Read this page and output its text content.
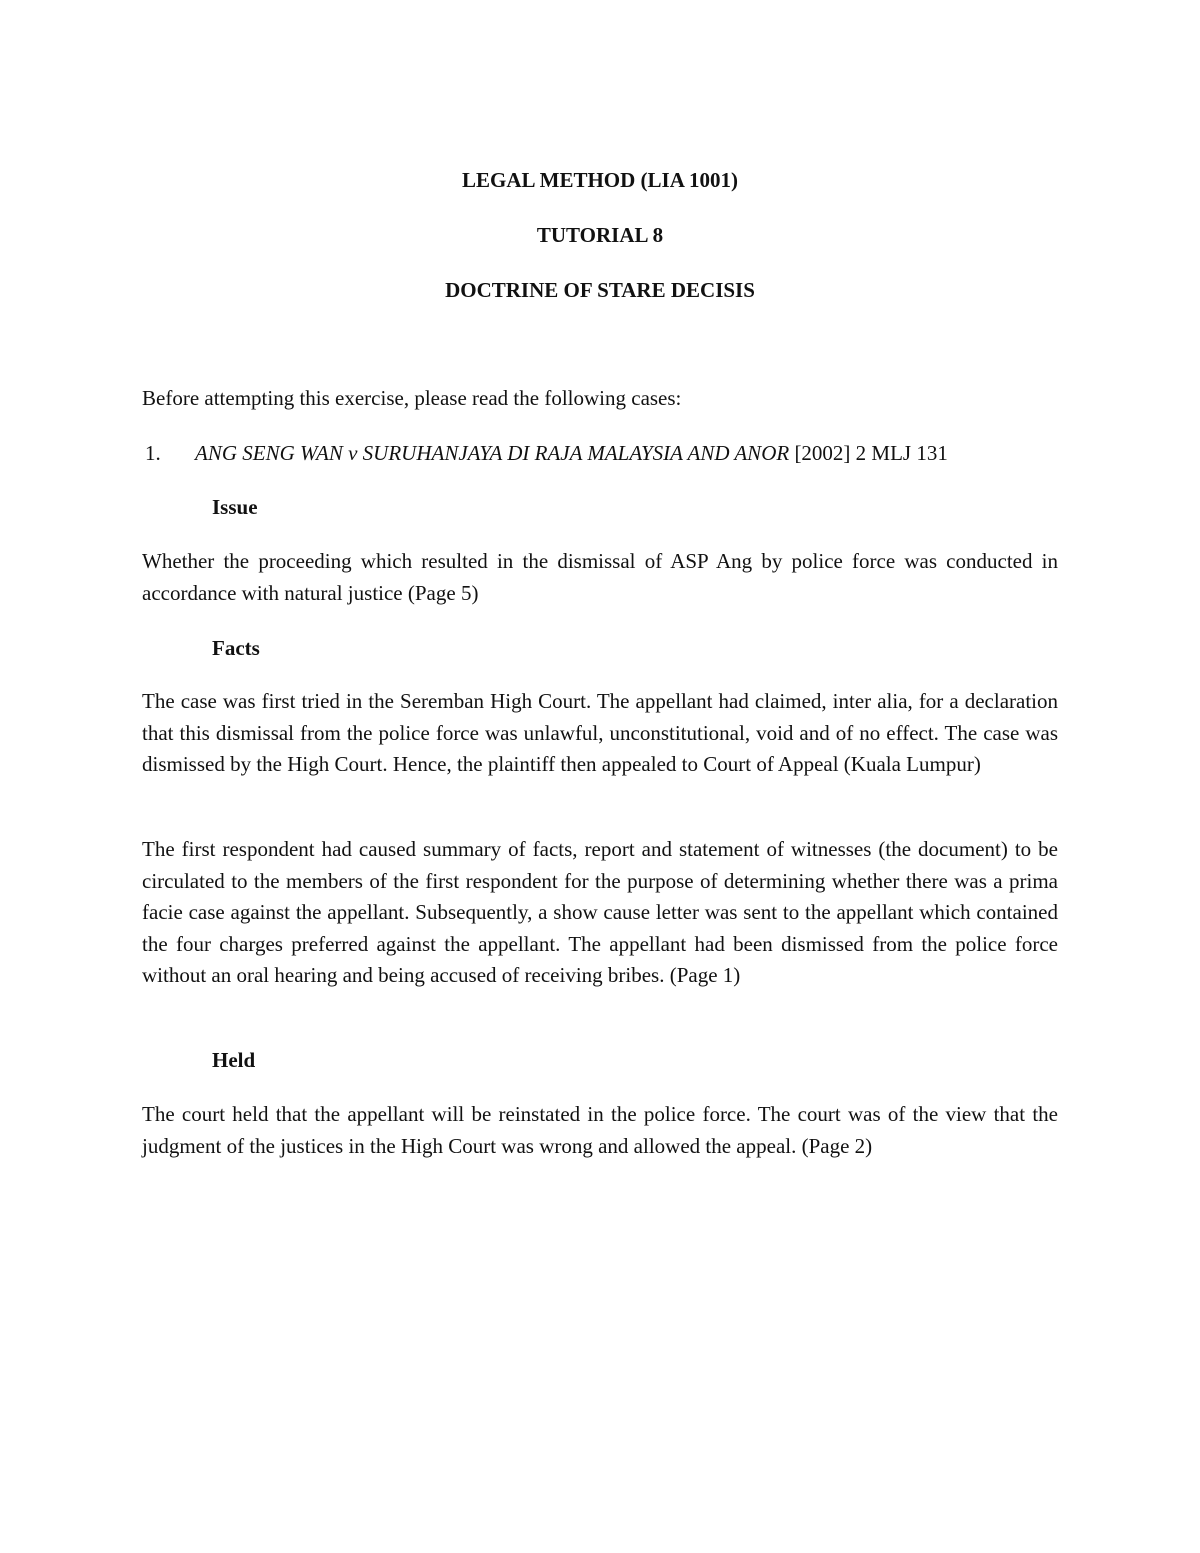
LEGAL METHOD (LIA 1001)
TUTORIAL 8
DOCTRINE OF STARE DECISIS

Before attempting this exercise, please read the following cases:

1. ANG SENG WAN v SURUHANJAYA DI RAJA MALAYSIA AND ANOR [2002] 2 MLJ 131

Issue

Whether the proceeding which resulted in the dismissal of ASP Ang by police force was conducted in accordance with natural justice (Page 5)

Facts

The case was first tried in the Seremban High Court. The appellant had claimed, inter alia, for a declaration that this dismissal from the police force was unlawful, unconstitutional, void and of no effect. The case was dismissed by the High Court. Hence, the plaintiff then appealed to Court of Appeal (Kuala Lumpur)

The first respondent had caused summary of facts, report and statement of witnesses (the document) to be circulated to the members of the first respondent for the purpose of determining whether there was a prima facie case against the appellant. Subsequently, a show cause letter was sent to the appellant which contained the four charges preferred against the appellant. The appellant had been dismissed from the police force without an oral hearing and being accused of receiving bribes. (Page 1)

Held

The court held that the appellant will be reinstated in the police force. The court was of the view that the judgment of the justices in the High Court was wrong and allowed the appeal. (Page 2)
